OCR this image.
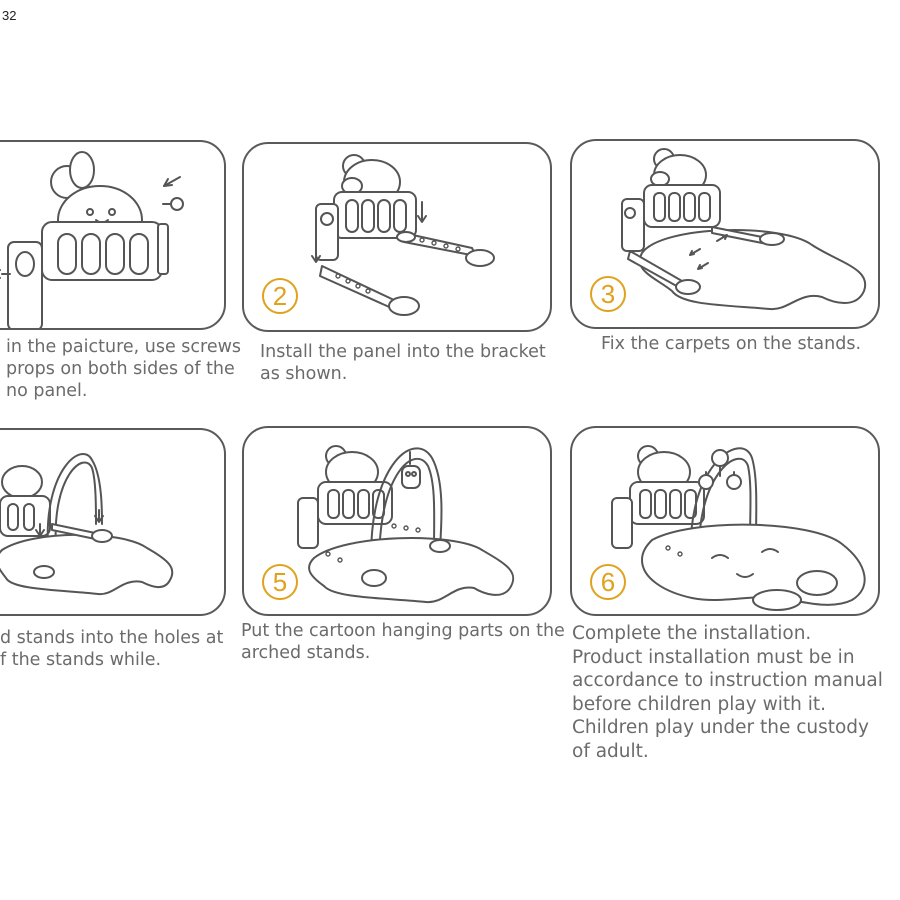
32
in the paicture, use screws
props on both sides of the
no panel.
2
Install the panel into the bracket
as shown.
3
Fix the carpets on the stands.
d stands into the holes at
f the stands while.
5
Put the cartoon hanging parts on the
arched stands.
6
Complete the installation.
Product installation must be in
accordance to instruction manual
before children play with it.
Children play under the custody
of adult.
